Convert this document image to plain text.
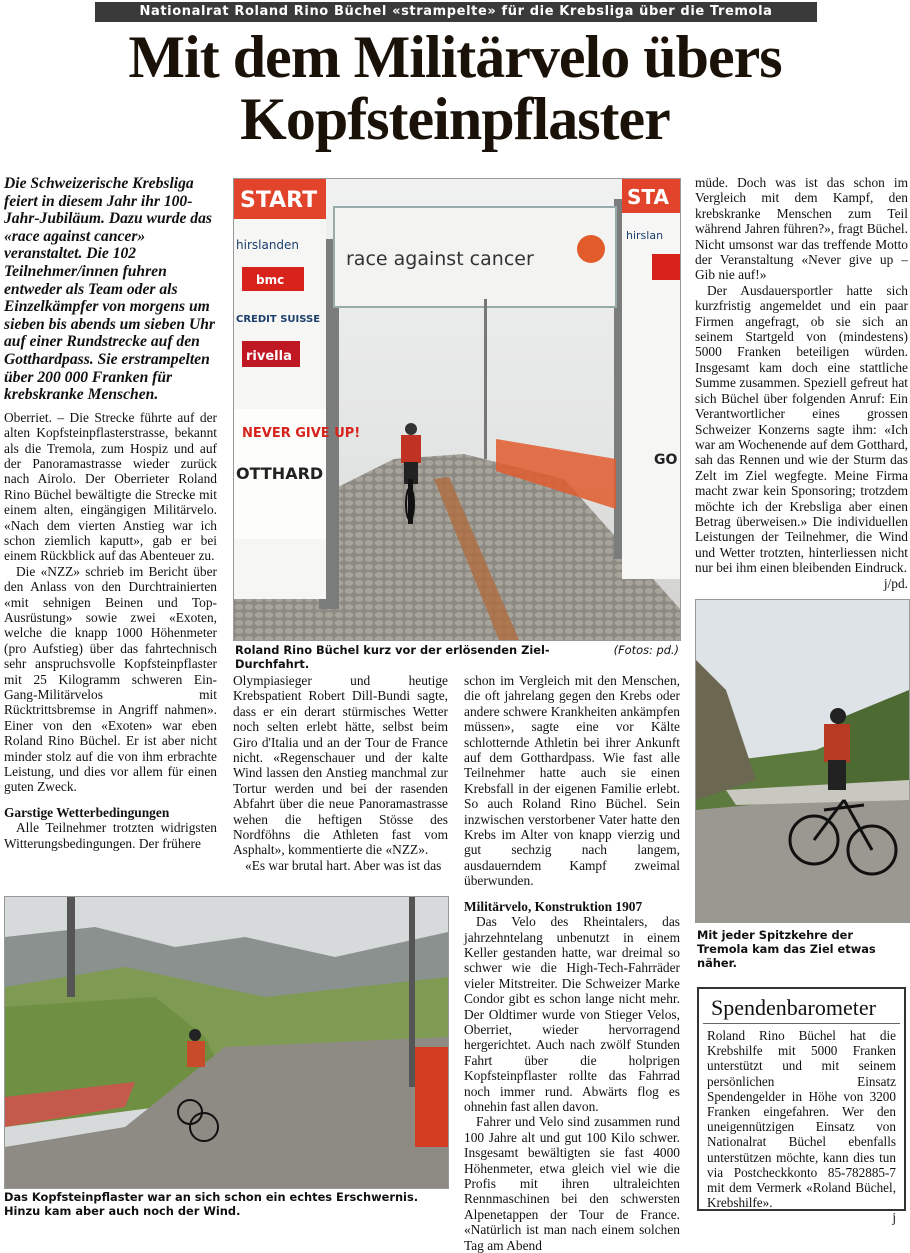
Nationalrat Roland Rino Büchel «strampelte» für die Krebsliga über die Tremola
Mit dem Militärvelo übers
Kopfsteinpflaster

Die Schweizerische Krebsliga feiert in diesem Jahr ihr 100-Jahr-Jubiläum. Dazu wurde das «race against cancer» veranstaltet. Die 102 Teilnehmer/innen fuhren entweder als Team oder als Einzelkämpfer von morgens um sieben bis abends um sieben Uhr auf einer Rundstrecke auf den Gotthardpass. Sie erstrampelten über 200 000 Franken für krebskranke Menschen.

Oberriet. – Die Strecke führte auf der alten Kopfsteinpflasterstrasse, bekannt als die Tremola, zum Hospiz und auf der Panoramastrasse wieder zurück nach Airolo. Der Oberrieter Roland Rino Büchel bewältigte die Strecke mit einem alten, eingängigen Militärvelo. «Nach dem vierten Anstieg war ich schon ziemlich kaputt», gab er bei einem Rückblick auf das Abenteuer zu.

Die «NZZ» schrieb im Bericht über den Anlass von den Durchtrainierten «mit sehnigen Beinen und Top-Ausrüstung» sowie zwei «Exoten, welche die knapp 1000 Höhenmeter (pro Aufstieg) über das fahrtechnisch sehr anspruchsvolle Kopfsteinpflaster mit 25 Kilogramm schweren Ein-Gang-Militärvelos mit Rücktrittsbremse in Angriff nahmen». Einer von den «Exoten» war eben Roland Rino Büchel. Er ist aber nicht minder stolz auf die von ihm erbrachte Leistung, und dies vor allem für einen guten Zweck.

Garstige Wetterbedingungen

Alle Teilnehmer trotzten widrigsten Witterungsbedingungen. Der frühere

START	STA
race against cancer
hirslanden
bmc
CREDIT SUISSE
rivella
NEVER GIVE UP!
OTTHARD
hirslan
GO
(Fotos: pd.)
Roland Rino Büchel kurz vor der erlösenden Ziel-Durchfahrt.

Olympiasieger und heutige Krebspatient Robert Dill-Bundi sagte, dass er ein derart stürmisches Wetter noch selten erlebt hätte, selbst beim Giro d'Italia und an der Tour de France nicht. «Regenschauer und der kalte Wind lassen den Anstieg manchmal zur Tortur werden und bei der rasenden Abfahrt über die neue Panoramastrasse wehen die heftigen Stösse des Nordföhns die Athleten fast vom Asphalt», kommentierte die «NZZ».

«Es war brutal hart. Aber was ist das

schon im Vergleich mit den Menschen, die oft jahrelang gegen den Krebs oder andere schwere Krankheiten ankämpfen müssen», sagte eine vor Kälte schlotternde Athletin bei ihrer Ankunft auf dem Gotthardpass. Wie fast alle Teilnehmer hatte auch sie einen Krebsfall in der eigenen Familie erlebt. So auch Roland Rino Büchel. Sein inzwischen verstorbener Vater hatte den Krebs im Alter von knapp vierzig und gut sechzig nach langem, ausdauerndem Kampf zweimal überwunden.

Militärvelo, Konstruktion 1907

Das Velo des Rheintalers, das jahrzehntelang unbenutzt in einem Keller gestanden hatte, war dreimal so schwer wie die High-Tech-Fahrräder vieler Mitstreiter. Die Schweizer Marke Condor gibt es schon lange nicht mehr. Der Oldtimer wurde von Stieger Velos, Oberriet, wieder hervorragend hergerichtet. Auch nach zwölf Stunden Fahrt über die holprigen Kopfsteinpflaster rollte das Fahrrad noch immer rund. Abwärts flog es ohnehin fast allen davon.

Fahrer und Velo sind zusammen rund 100 Jahre alt und gut 100 Kilo schwer. Insgesamt bewältigten sie fast 4000 Höhenmeter, etwa gleich viel wie die Profis mit ihren ultraleichten Rennmaschinen bei den schwersten Alpenetappen der Tour de France. «Natürlich ist man nach einem solchen Tag am Abend

müde. Doch was ist das schon im Vergleich mit dem Kampf, den krebskranke Menschen zum Teil während Jahren führen?», fragt Büchel. Nicht umsonst war das treffende Motto der Veranstaltung «Never give up – Gib nie auf!»

Der Ausdauersportler hatte sich kurzfristig angemeldet und ein paar Firmen angefragt, ob sie sich an seinem Startgeld von (mindestens) 5000 Franken beteiligen würden. Insgesamt kam doch eine stattliche Summe zusammen. Speziell gefreut hat sich Büchel über folgenden Anruf: Ein Verantwortlicher eines grossen Schweizer Konzerns sagte ihm: «Ich war am Wochenende auf dem Gotthard, sah das Rennen und wie der Sturm das Zelt im Ziel wegfegte. Meine Firma macht zwar kein Sponsoring; trotzdem möchte ich der Krebsliga aber einen Betrag überweisen.» Die individuellen Leistungen der Teilnehmer, die Wind und Wetter trotzten, hinterliessen nicht nur bei ihm einen bleibenden Eindruck.

j/pd.

Mit jeder Spitzkehre der Tremola kam das Ziel etwas näher.
Das Kopfsteinpflaster war an sich schon ein echtes Erschwernis. Hinzu kam aber auch noch der Wind.
Spendenbarometer
Roland Rino Büchel hat die Krebshilfe mit 5000 Franken unterstützt und mit seinem persönlichen Einsatz Spendengelder in Höhe von 3200 Franken eingefahren. Wer den uneigennützigen Einsatz von Nationalrat Büchel ebenfalls unterstützen möchte, kann dies tun via Postcheckkonto 85-782885-7 mit dem Vermerk «Roland Büchel, Krebshilfe».
j
